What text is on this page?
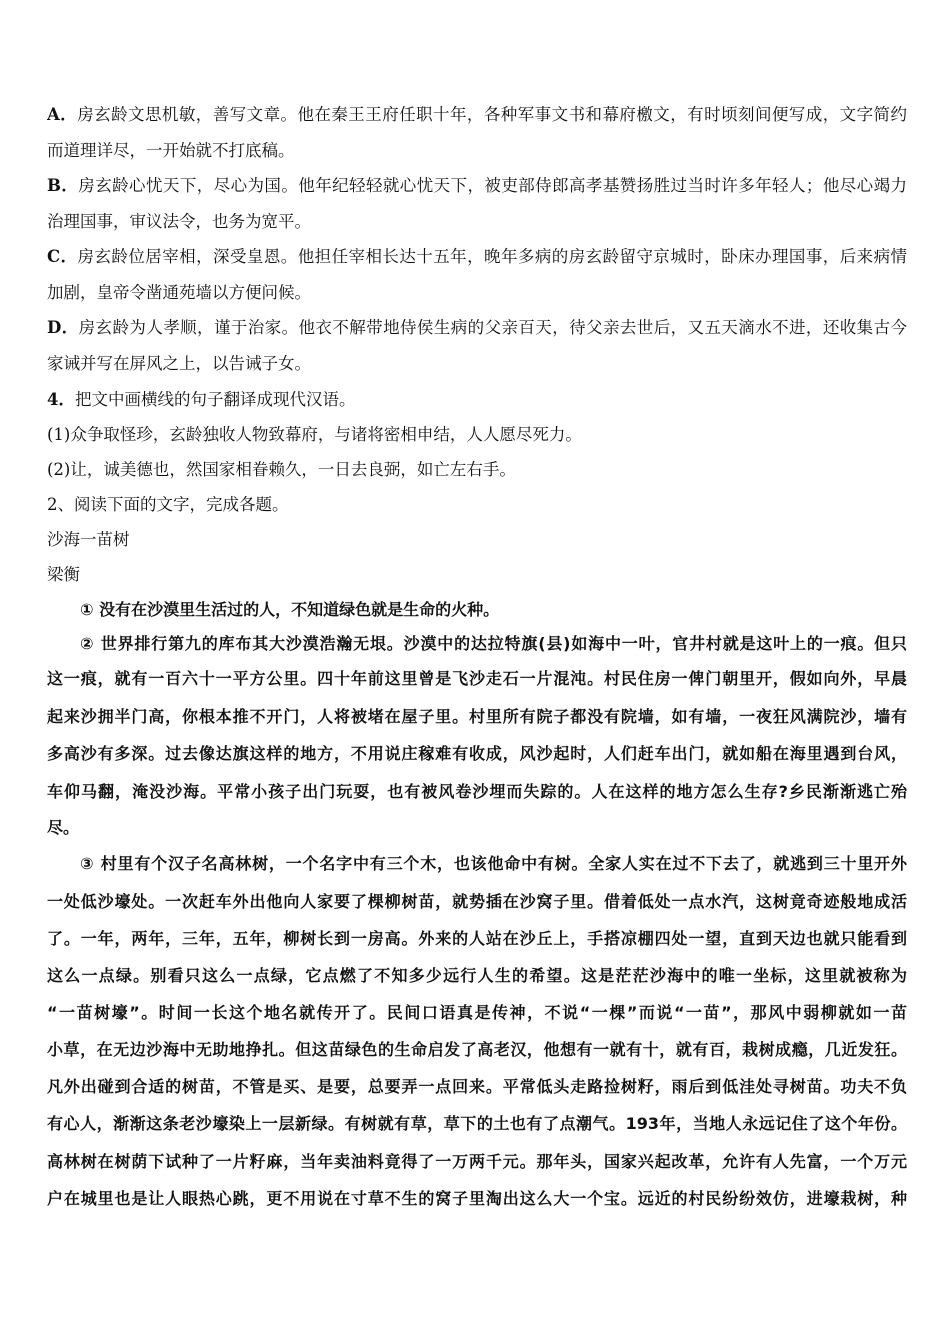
A．房玄龄文思机敏，善写文章。他在秦王王府任职十年，各种军事文书和幕府檄文，有时顷刻间便写成，文字简约
而道理详尽，一开始就不打底稿。
B．房玄龄心忧天下，尽心为国。他年纪轻轻就心忧天下，被吏部侍郎高孝基赞扬胜过当时许多年轻人；他尽心竭力
治理国事，审议法令，也务为宽平。
C．房玄龄位居宰相，深受皇恩。他担任宰相长达十五年，晚年多病的房玄龄留守京城时，卧床办理国事，后来病情
加剧，皇帝令凿通苑墙以方便问候。
D．房玄龄为人孝顺，谨于治家。他衣不解带地侍侯生病的父亲百天，待父亲去世后，又五天滴水不进，还收集古今
家诫并写在屏风之上，以告诫子女。
4．把文中画横线的句子翻译成现代汉语。
(1)众争取怪珍，玄龄独收人物致幕府，与诸将密相申结，人人愿尽死力。
(2)让，诚美德也，然国家相眷赖久，一日去良弼，如亡左右手。
2、阅读下面的文字，完成各题。
沙海一苗树
梁衡
① 没有在沙漠里生活过的人，不知道绿色就是生命的火种。
② 世界排行第九的库布其大沙漠浩瀚无垠。沙漠中的达拉特旗(县)如海中一叶，官井村就是这叶上的一痕。但只
这一痕，就有一百六十一平方公里。四十年前这里曾是飞沙走石一片混沌。村民住房一俾门朝里开，假如向外，早晨
起来沙拥半门高，你根本推不开门，人将被堵在屋子里。村里所有院子都没有院墙，如有墙，一夜狂风满院沙，墙有
多高沙有多深。过去像达旗这样的地方，不用说庄稼难有收成，风沙起时，人们赶车出门，就如船在海里遇到台风，
车仰马翻，淹没沙海。平常小孩子出门玩耍，也有被风卷沙埋而失踪的。人在这样的地方怎么生存?乡民渐渐逃亡殆
尽。
③ 村里有个汉子名高林树，一个名字中有三个木，也该他命中有树。全家人实在过不下去了，就逃到三十里开外
一处低沙壕处。一次赶车外出他向人家要了棵柳树苗，就势插在沙窝子里。借着低处一点水汽，这树竟奇迹般地成活
了。一年，两年，三年，五年，柳树长到一房高。外来的人站在沙丘上，手搭凉棚四处一望，直到天边也就只能看到
这么一点绿。别看只这么一点绿，它点燃了不知多少远行人生的希望。这是茫茫沙海中的唯一坐标，这里就被称为
“一苗树壕”。时间一长这个地名就传开了。民间口语真是传神，不说“一棵”而说“一苗”，那风中弱柳就如一苗
小草，在无边沙海中无助地挣扎。但这苗绿色的生命启发了高老汉，他想有一就有十，就有百，栽树成瘾，几近发狂。
凡外出碰到合适的树苗，不管是买、是要，总要弄一点回来。平常低头走路捡树籽，雨后到低洼处寻树苗。功夫不负
有心人，渐渐这条老沙壕染上一层新绿。有树就有草，草下的土也有了点潮气。193年，当地人永远记住了这个年份。
高林树在树荫下试种了一片籽麻，当年卖油料竟得了一万两千元。那年头，国家兴起改革，允许有人先富，一个万元
户在城里也是让人眼热心跳，更不用说在寸草不生的窝子里淘出这么大一个宝。远近的村民纷纷效仿，进壕栽树，种
